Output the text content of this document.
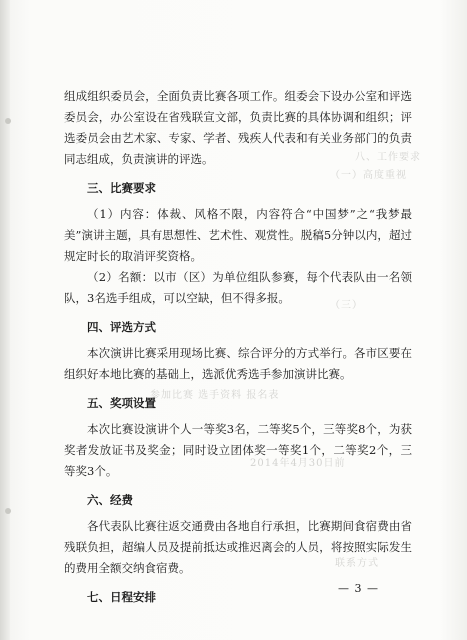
八、工作要求
（一）高度重视
（三）
参加比赛 选手资料 报名表
2014年4月30日前
联系方式

组成组织委员会，全面负责比赛各项工作。组委会下设办公室和评选委员会，办公室设在省残联宣文部，负责比赛的具体协调和组织；评选委员会由艺术家、专家、学者、残疾人代表和有关业务部门的负责同志组成，负责演讲的评选。

三、比赛要求

（1）内容：体裁、风格不限，内容符合“中国梦”之“我梦最美”演讲主题，具有思想性、艺术性、观赏性。脱稿5分钟以内，超过规定时长的取消评奖资格。

（2）名额：以市（区）为单位组队参赛，每个代表队由一名领队，3名选手组成，可以空缺，但不得多报。

四、评选方式

本次演讲比赛采用现场比赛、综合评分的方式举行。各市区要在组织好本地比赛的基础上，选派优秀选手参加演讲比赛。

五、奖项设置

本次比赛设演讲个人一等奖3名，二等奖5个，三等奖8个，为获奖者发放证书及奖金；同时设立团体奖一等奖1个，二等奖2个，三等奖3个。

六、经费

各代表队比赛往返交通费由各地自行承担，比赛期间食宿费由省残联负担，超编人员及提前抵达或推迟离会的人员，将按照实际发生的费用全额交纳食宿费。

七、日程安排

— 3 —
